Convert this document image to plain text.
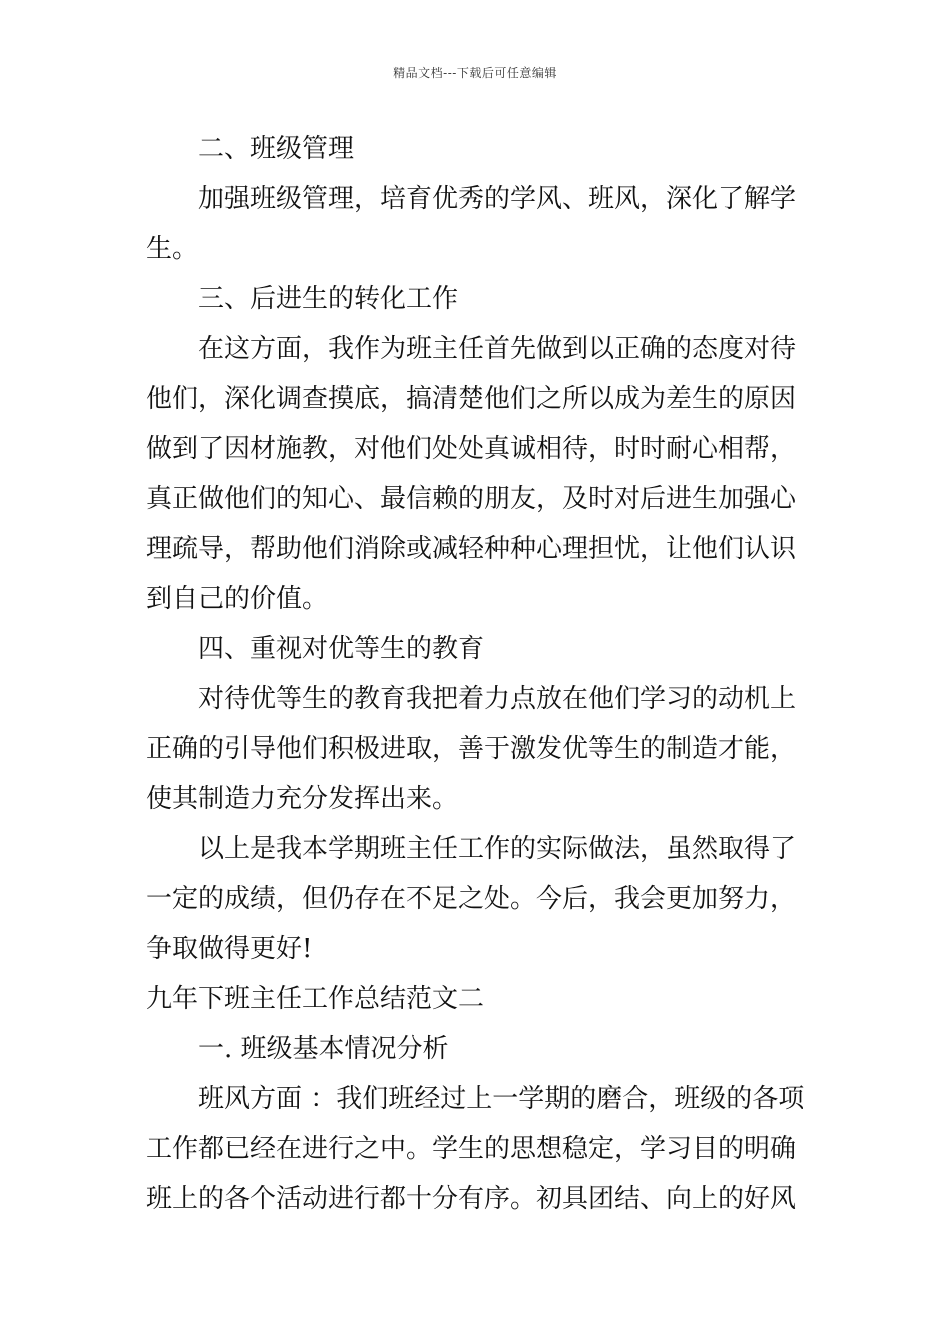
精品文档---下载后可任意编辑
二、班级管理
加强班级管理，培育优秀的学风、班风，深化了解学
生。
三、后进生的转化工作
在这方面，我作为班主任首先做到以正确的态度对待
他们，深化调查摸底，搞清楚他们之所以成为差生的原因
做到了因材施教，对他们处处真诚相待，时时耐心相帮，
真正做他们的知心、最信赖的朋友，及时对后进生加强心
理疏导，帮助他们消除或减轻种种心理担忧，让他们认识
到自己的价值。
四、重视对优等生的教育
对待优等生的教育我把着力点放在他们学习的动机上
正确的引导他们积极进取，善于激发优等生的制造才能，
使其制造力充分发挥出来。
以上是我本学期班主任工作的实际做法，虽然取得了
一定的成绩，但仍存在不足之处。今后，我会更加努力，
争取做得更好!
九年下班主任工作总结范文二
一. 班级基本情况分析
班风方面 ：我们班经过上一学期的磨合，班级的各项
工作都已经在进行之中。学生的思想稳定，学习目的明确
班上的各个活动进行都十分有序。初具团结、向上的好风
